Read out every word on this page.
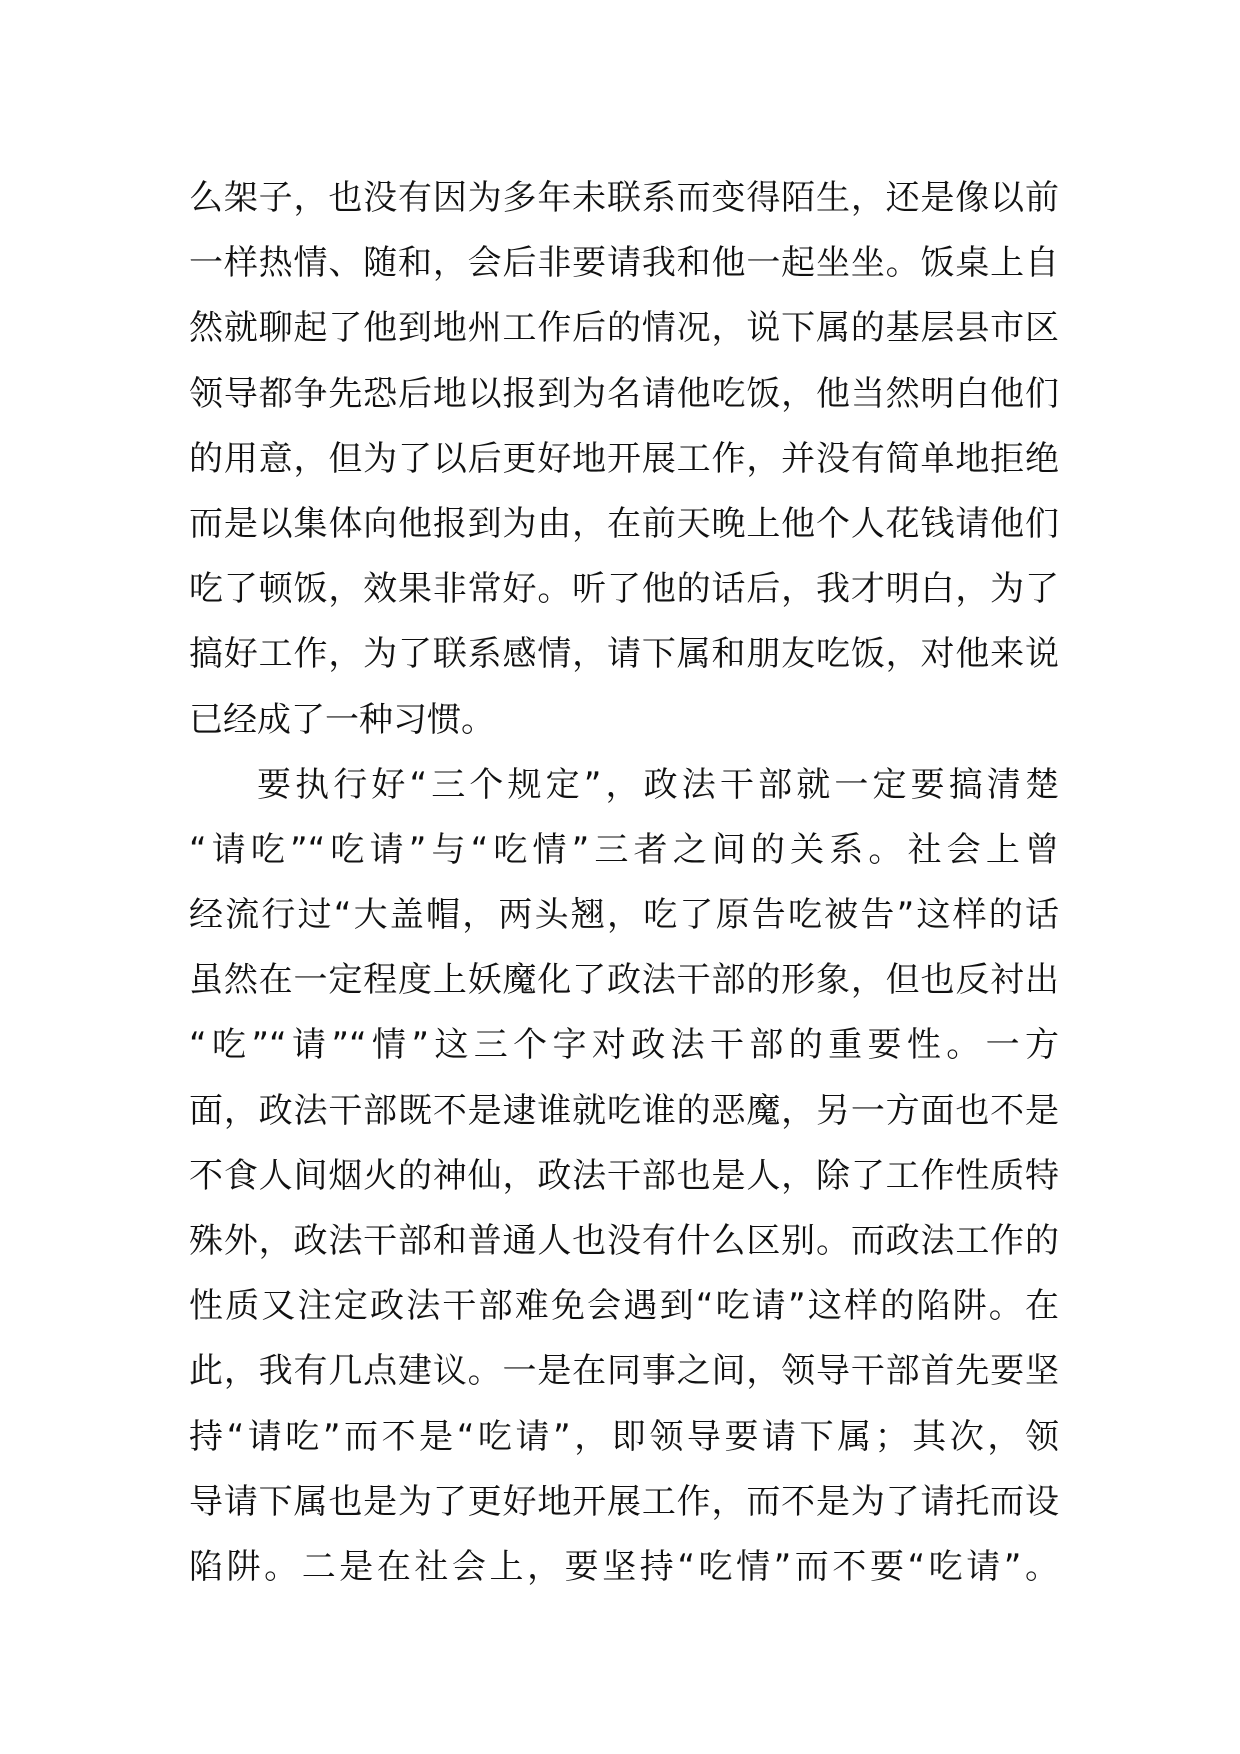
么架子，也没有因为多年未联系而变得陌生，还是像以前
一样热情、随和，会后非要请我和他一起坐坐。饭桌上自
然就聊起了他到地州工作后的情况，说下属的基层县市区
领导都争先恐后地以报到为名请他吃饭，他当然明白他们
的用意，但为了以后更好地开展工作，并没有简单地拒绝
而是以集体向他报到为由，在前天晚上他个人花钱请他们
吃了顿饭，效果非常好。听了他的话后，我才明白，为了
搞好工作，为了联系感情，请下属和朋友吃饭，对他来说
已经成了一种习惯。
要执行好“三个规定”，政法干部就一定要搞清楚
“请吃”“吃请”与“吃情”三者之间的关系。社会上曾
经流行过“大盖帽，两头翘，吃了原告吃被告”这样的话
虽然在一定程度上妖魔化了政法干部的形象，但也反衬出
“吃”“请”“情”这三个字对政法干部的重要性。一方
面，政法干部既不是逮谁就吃谁的恶魔，另一方面也不是
不食人间烟火的神仙，政法干部也是人，除了工作性质特
殊外，政法干部和普通人也没有什么区别。而政法工作的
性质又注定政法干部难免会遇到“吃请”这样的陷阱。在
此，我有几点建议。一是在同事之间，领导干部首先要坚
持“请吃”而不是“吃请”，即领导要请下属；其次，领
导请下属也是为了更好地开展工作，而不是为了请托而设
陷阱。二是在社会上，要坚持“吃情”而不要“吃请”。
